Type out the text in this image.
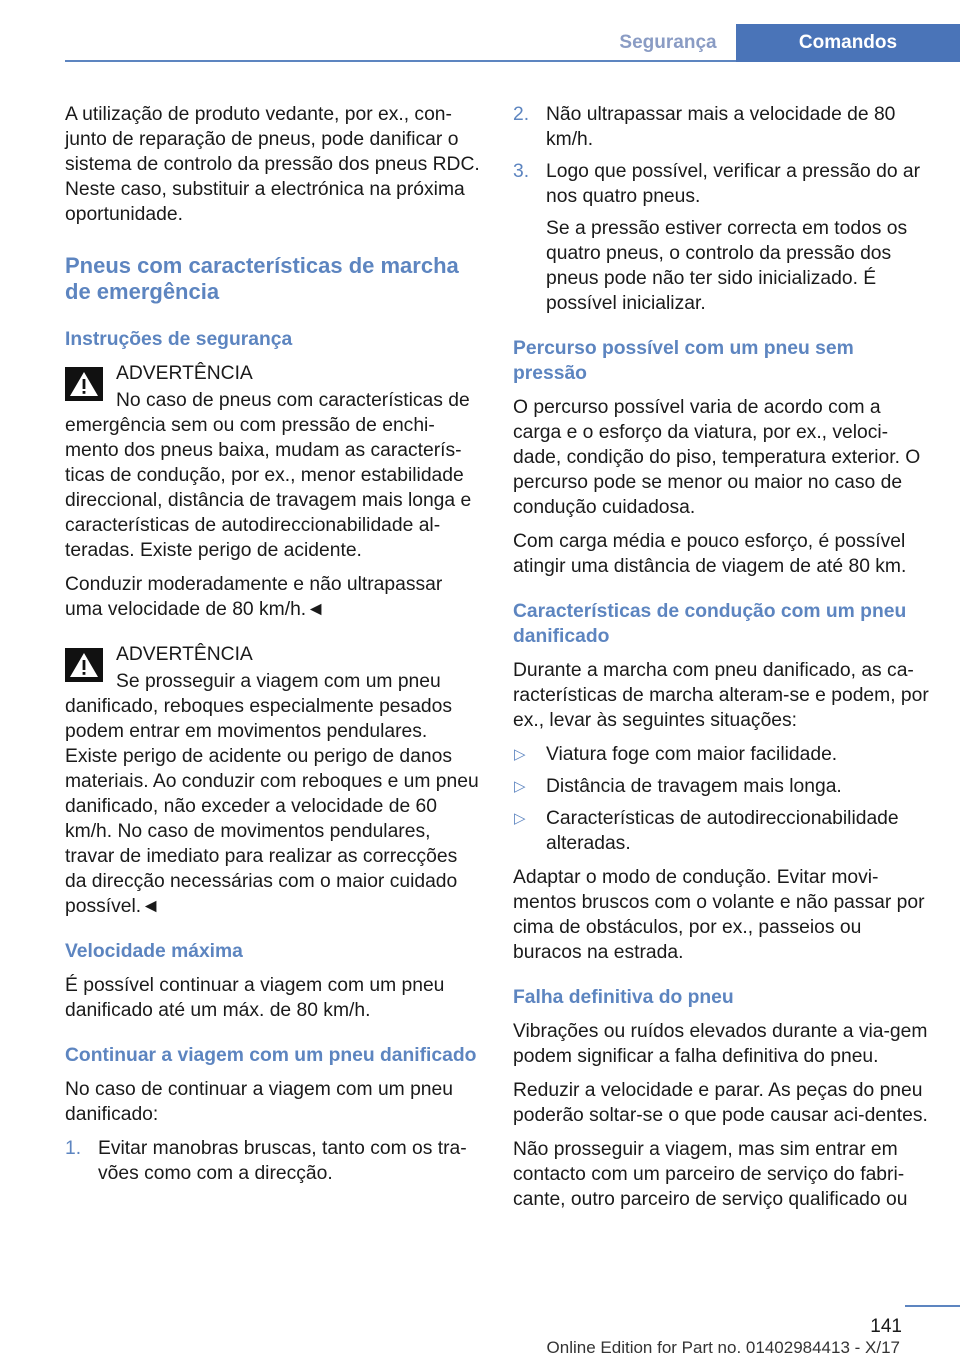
Segurança	Comandos

A utilização de produto vedante, por ex., con-junto de reparação de pneus, pode danificar o sistema de controlo da pressão dos pneus RDC. Neste caso, substituir a electrónica na próxima oportunidade.

Pneus com características de marcha de emergência
Instruções de segurança
ADVERTÊNCIA
No caso de pneus com características de emergência sem ou com pressão de enchi-mento dos pneus baixa, mudam as caracterís-ticas de condução, por ex., menor estabilidade direccional, distância de travagem mais longa e características de autodireccionabilidade al-teradas. Existe perigo de acidente.

Conduzir moderadamente e não ultrapassar uma velocidade de 80 km/h.◄

ADVERTÊNCIA
Se prosseguir a viagem com um pneu danificado, reboques especialmente pesados podem entrar em movimentos pendulares. Existe perigo de acidente ou perigo de danos materiais. Ao conduzir com reboques e um pneu danificado, não exceder a velocidade de 60 km/h. No caso de movimentos pendulares, travar de imediato para realizar as correcções da direcção necessárias com o maior cuidado possível.◄
Velocidade máxima

É possível continuar a viagem com um pneu danificado até um máx. de 80 km/h.

Continuar a viagem com um pneu danificado

No caso de continuar a viagem com um pneu danificado:

1. Evitar manobras bruscas, tanto com os tra-vões como com a direcção.
2. Não ultrapassar mais a velocidade de 80 km/h.
3. Logo que possível, verificar a pressão do ar nos quatro pneus.
Se a pressão estiver correcta em todos os quatro pneus, o controlo da pressão dos pneus pode não ter sido inicializado. É possível inicializar.
Percurso possível com um pneu sem pressão

O percurso possível varia de acordo com a carga e o esforço da viatura, por ex., veloci-dade, condição do piso, temperatura exterior. O percurso pode se menor ou maior no caso de condução cuidadosa.

Com carga média e pouco esforço, é possível atingir uma distância de viagem de até 80 km.

Características de condução com um pneu danificado

Durante a marcha com pneu danificado, as ca-racterísticas de marcha alteram-se e podem, por ex., levar às seguintes situações:

▷ Viatura foge com maior facilidade.
▷ Distância de travagem mais longa.
▷ Características de autodireccionabilidade alteradas.

Adaptar o modo de condução. Evitar movi-mentos bruscos com o volante e não passar por cima de obstáculos, por ex., passeios ou buracos na estrada.

Falha definitiva do pneu

Vibrações ou ruídos elevados durante a via-gem podem significar a falha definitiva do pneu.

Reduzir a velocidade e parar. As peças do pneu poderão soltar-se o que pode causar aci-dentes.

Não prosseguir a viagem, mas sim entrar em contacto com um parceiro de serviço do fabri-cante, outro parceiro de serviço qualificado ou

141
Online Edition for Part no. 01402984413 - X/17
